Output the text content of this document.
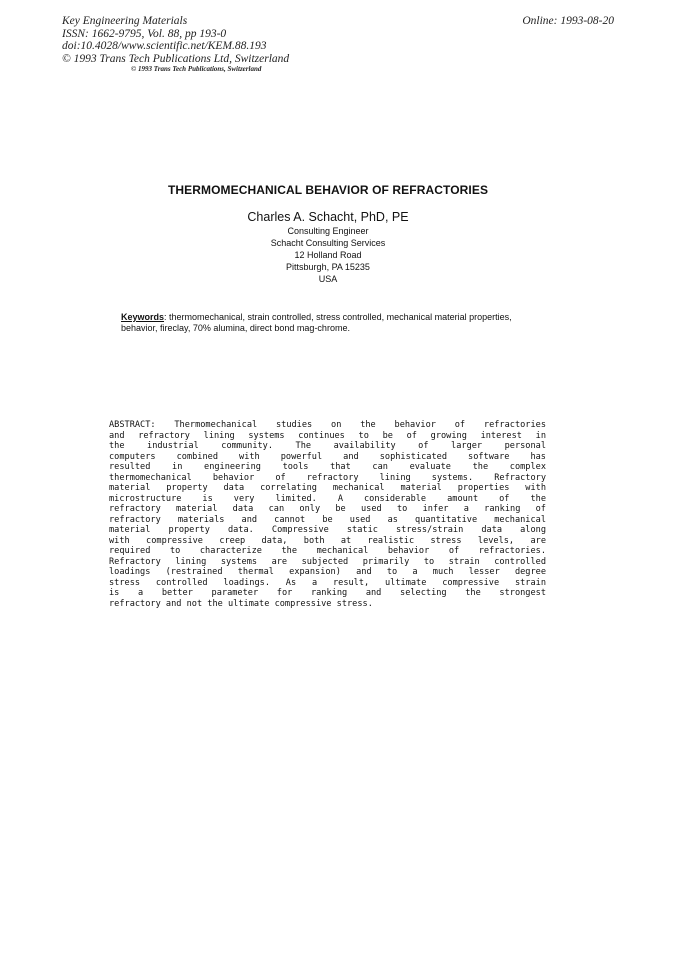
Key Engineering Materials
ISSN: 1662-9795, Vol. 88, pp 193-0
doi:10.4028/www.scientific.net/KEM.88.193
© 1993 Trans Tech Publications Ltd, Switzerland
Online: 1993-08-20
© 1993 Trans Tech Publications, Switzerland
THERMOMECHANICAL BEHAVIOR OF REFRACTORIES
Charles A. Schacht, PhD, PE
Consulting Engineer
Schacht Consulting Services
12 Holland Road
Pittsburgh, PA 15235
USA
Keywords: thermomechanical, strain controlled, stress controlled, mechanical material properties, behavior, fireclay, 70% alumina, direct bond mag-chrome.
ABSTRACT: Thermomechanical studies on the behavior of refractories
and refractory lining systems continues to be of growing interest in
the industrial community. The availability of larger personal
computers combined with powerful and sophisticated software has
resulted in engineering tools that can evaluate the complex
thermomechanical behavior of refractory lining systems. Refractory
material property data correlating mechanical material properties with
microstructure is very limited. A considerable amount of the
refractory material data can only be used to infer a ranking of
refractory materials and cannot be used as quantitative mechanical
material property data. Compressive static stress/strain data along
with compressive creep data, both at realistic stress levels, are
required to characterize the mechanical behavior of refractories.
Refractory lining systems are subjected primarily to strain controlled
loadings (restrained thermal expansion) and to a much lesser degree
stress controlled loadings. As a result, ultimate compressive strain
is a better parameter for ranking and selecting the strongest
refractory and not the ultimate compressive stress.
